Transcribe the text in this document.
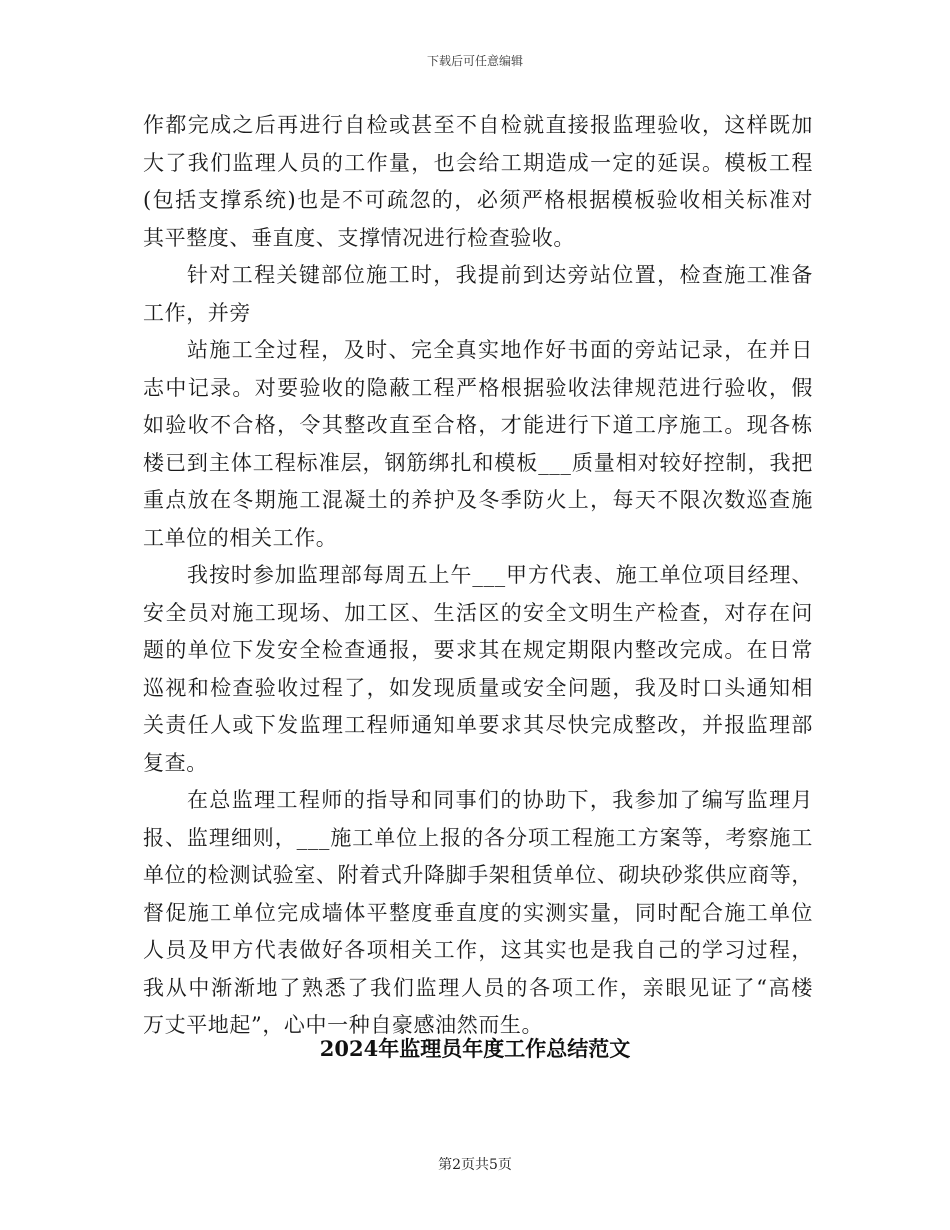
下载后可任意编辑
作都完成之后再进行自检或甚至不自检就直接报监理验收，这样既加
大了我们监理人员的工作量，也会给工期造成一定的延误。模板工程
(包括支撑系统)也是不可疏忽的，必须严格根据模板验收相关标准对
其平整度、垂直度、支撑情况进行检查验收。
针对工程关键部位施工时，我提前到达旁站位置，检查施工准备
工作，并旁
站施工全过程，及时、完全真实地作好书面的旁站记录，在并日
志中记录。对要验收的隐蔽工程严格根据验收法律规范进行验收，假
如验收不合格，令其整改直至合格，才能进行下道工序施工。现各栋
楼已到主体工程标准层，钢筋绑扎和模板___质量相对较好控制，我把
重点放在冬期施工混凝土的养护及冬季防火上，每天不限次数巡查施
工单位的相关工作。
我按时参加监理部每周五上午___甲方代表、施工单位项目经理、
安全员对施工现场、加工区、生活区的安全文明生产检查，对存在问
题的单位下发安全检查通报，要求其在规定期限内整改完成。在日常
巡视和检查验收过程了，如发现质量或安全问题，我及时口头通知相
关责任人或下发监理工程师通知单要求其尽快完成整改，并报监理部
复查。
在总监理工程师的指导和同事们的协助下，我参加了编写监理月
报、监理细则，___施工单位上报的各分项工程施工方案等，考察施工
单位的检测试验室、附着式升降脚手架租赁单位、砌块砂浆供应商等，
督促施工单位完成墙体平整度垂直度的实测实量，同时配合施工单位
人员及甲方代表做好各项相关工作，这其实也是我自己的学习过程，
我从中渐渐地了熟悉了我们监理人员的各项工作，亲眼见证了“高楼
万丈平地起”，心中一种自豪感油然而生。
2024年监理员年度工作总结范文
第2页共5页
